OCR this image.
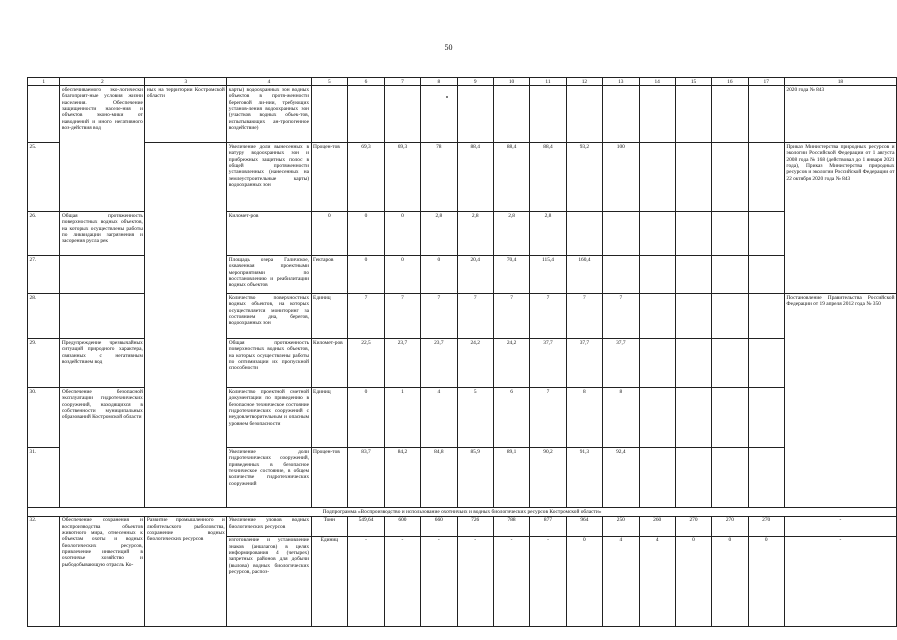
50
1	2	3	4	5	6	7	8	9	10	11	12	13	14	15	16	17	18
	обеспечиваемого эко-логически благоприят-ные условия жизни населения. Обеспечение защищенности населе-ния и объектов эконо-мики от наводнений и иного негативного воз-действия вод	ных на территории Костромской области	карты) водоохранных зон водных объектов в протя-женности береговой ли-нии, требующих установ-ления водоохранных зон (участков водных объек-тов, испытывающих ан-тропогенное воздействие)														2020 года № 843
25.			Увеличение доли вынесенных в натуру водоохранных зон и прибрежных защитных полос в общей протяженности установленных (нанесенных на землеустроительные карты) водоохранных зон	Процен-тов	69,3	69,3	78	88,4	88,4	88,4	93,2	100					Приказ Министерства природных ресурсов и экологии Российской Федерации от 1 августа 2008 года № 168 (действовал до 1 января 2021 года), Приказ Министерства природных ресурсов и экологии Российской Федерации от 22 октября 2020 года № 843
26.	Общая протяженность поверхностных водных объектов, на которых осуществлены работы по ликвидации загрязнения и засорения русла рек		Километ-ров	0	0	0	2,8	2,8	2,8	2,8							
27.			Площадь озера Галичское, охваченная проектными мероприятиями по восстановлению и реабилитации водных объектов	Гектаров	0	0	0	20,4	70,4	115,4	160,4						
28.			Количество поверхностных водных объектов, на которых осуществляется мониторинг за состоянием дна, берегов, водоохранных зон	Единиц	7	7	7	7	7	7	7	7					Постановление Правительства Российской Федерации от 19 апреля 2012 года № 350
29.	Предупреждение чрезвычайных ситуаций природного характера, связанных с негативным воздействием вод		Общая протяженность поверхностных водных объектов, на которых осуществлены работы по оптимизации их пропускной способности	Километ-ров	22,5	23,7	23,7	24,2	24,2	37,7	37,7	37,7					
30.	Обеспечение безопасной эксплуатации гидротехнических сооружений, находящихся в собственности муниципальных образований Костромской области		Количество проектной сметной документации по приведению в безопасное техническое состояние гидротехнических сооружений с неудовлетворительным и опасным уровнем безопасности	Единиц	0	1	4	5	6	7	8	8					
31.			Увеличение доли гидротехнических сооружений, приведенных в безопасное техническое состояние, в общем количестве гидротехнических сооружений	Процен-тов	83,7	84,2	84,8	85,9	89,1	90,2	91,3	92,4					
Подпрограмма «Воспроизводство и использование охотничьих и водных биологических ресурсов Костромской области»																	
32.	Обеспечение сохранения и воспроизводства объектов животного мира, отнесенных к объектам охоты и водных биологических ресурсов, привлечение инвестиций в охотничье хозяйство и рыбодобывающую отрасль Ко-	Развитие промышленного и любительского рыболовства, сохранение водных биологических ресурсов	Увеличение уловов водных биологических ресурсов	Тонн	549,64	600	660	726	788	877	964	250	260	270	270	270	-
			изготовление и установление знаков (аншлагов) в целях информирования 4 (четырех) запретных районов для добычи (вылова) водных биологических ресурсов, распоз-	Единиц	-	-	-	-	-	-	0	4	4	0	0	0	-
